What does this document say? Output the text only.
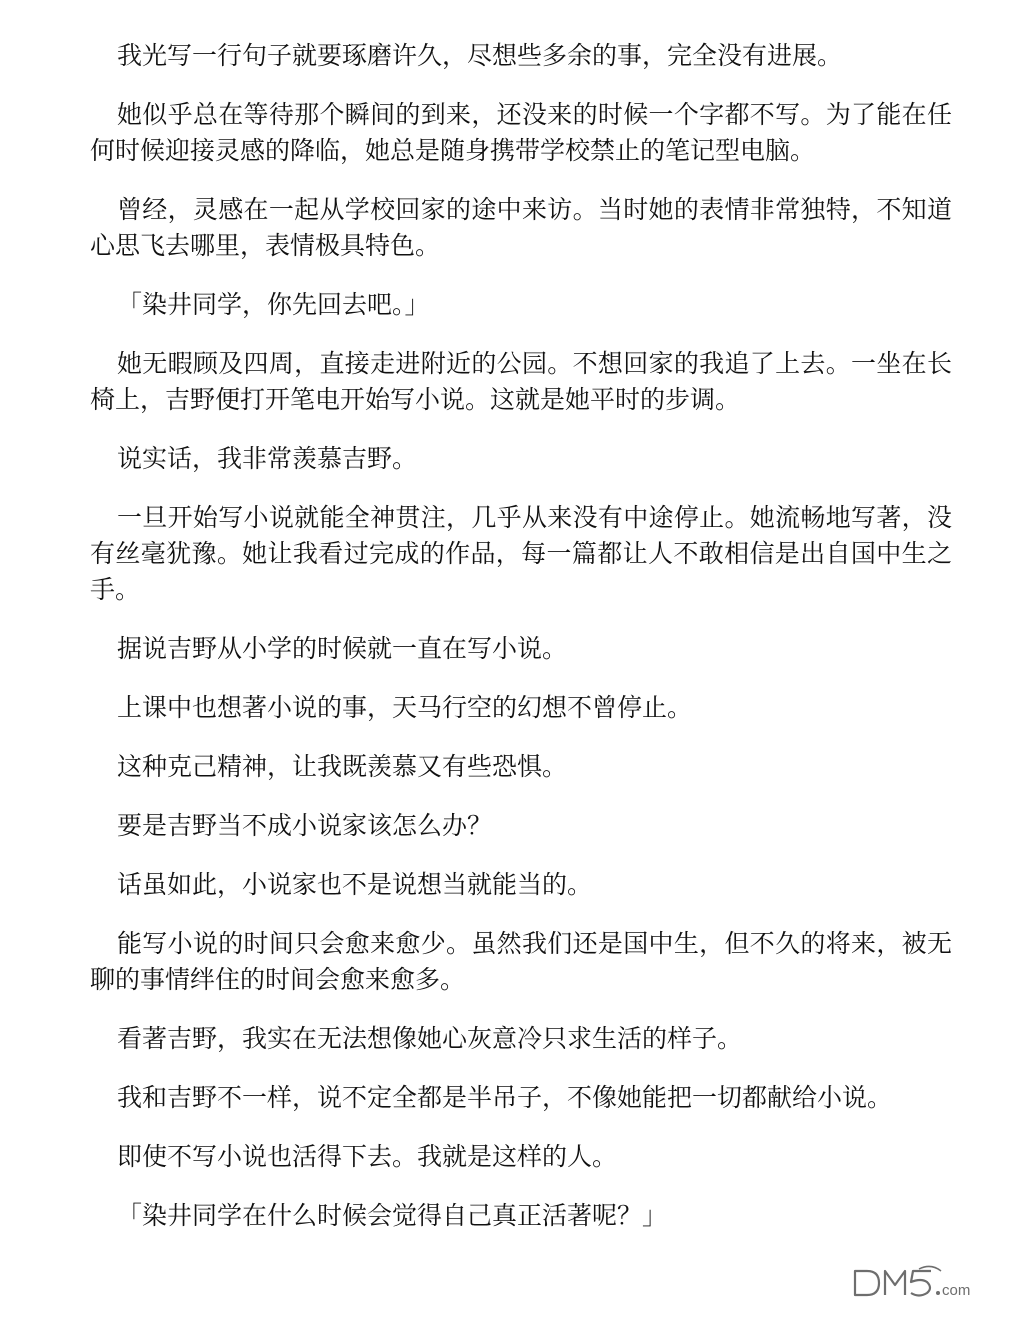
我光写一行句子就要琢磨许久，尽想些多余的事，完全没有进展。

她似乎总在等待那个瞬间的到来，还没来的时候一个字都不写。为了能在任何时候迎接灵感的降临，她总是随身携带学校禁止的笔记型电脑。

曾经，灵感在一起从学校回家的途中来访。当时她的表情非常独特，不知道心思飞去哪里，表情极具特色。

「染井同学，你先回去吧。」

她无暇顾及四周，直接走进附近的公园。不想回家的我追了上去。一坐在长椅上，吉野便打开笔电开始写小说。这就是她平时的步调。

说实话，我非常羡慕吉野。

一旦开始写小说就能全神贯注，几乎从来没有中途停止。她流畅地写著，没有丝毫犹豫。她让我看过完成的作品，每一篇都让人不敢相信是出自国中生之手。

据说吉野从小学的时候就一直在写小说。

上课中也想著小说的事，天马行空的幻想不曾停止。

这种克己精神，让我既羡慕又有些恐惧。

要是吉野当不成小说家该怎么办？

话虽如此，小说家也不是说想当就能当的。

能写小说的时间只会愈来愈少。虽然我们还是国中生，但不久的将来，被无聊的事情绊住的时间会愈来愈多。

看著吉野，我实在无法想像她心灰意冷只求生活的样子。

我和吉野不一样，说不定全都是半吊子，不像她能把一切都献给小说。

即使不写小说也活得下去。我就是这样的人。

「染井同学在什么时候会觉得自己真正活著呢？」

com
